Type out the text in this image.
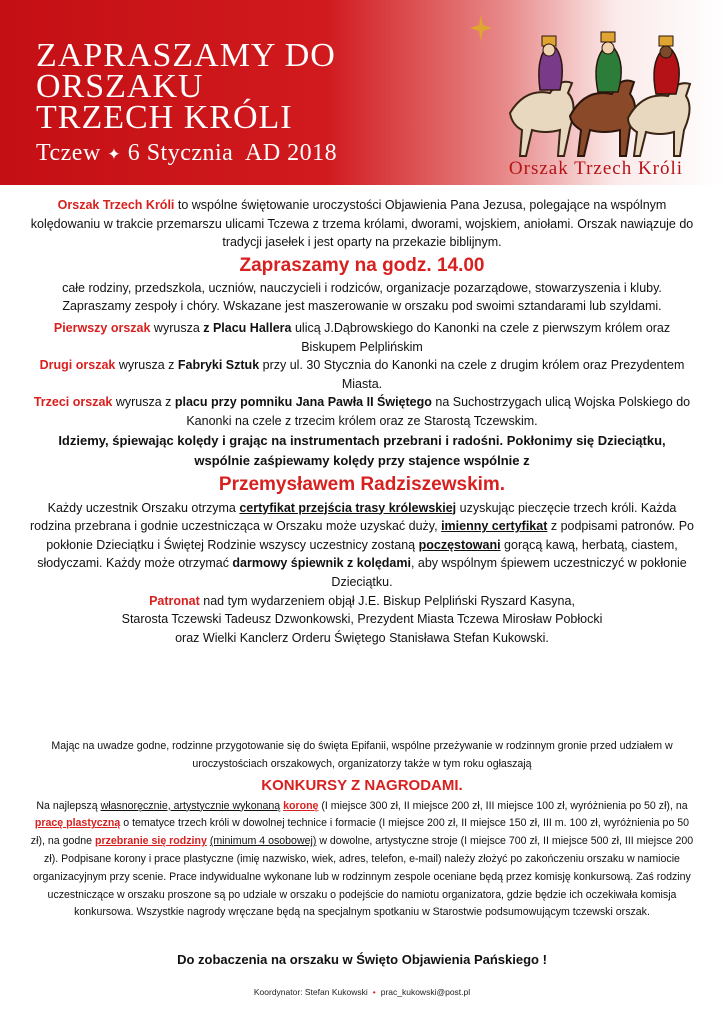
ZAPRASZAMY DO
ORSZAKU
TRZECH KRÓLI
Tczew ✦ 6 Stycznia AD 2018
Orszak Trzech Króli

Orszak Trzech Króli to wspólne świętowanie uroczystości Objawienia Pana Jezusa, polegające na wspólnym kolędowaniu w trakcie przemarszu ulicami Tczewa z trzema królami, dworami, wojskiem, aniołami. Orszak nawiązuje do tradycji jasełek i jest oparty na przekazie biblijnym.

Zapraszamy na godz. 14.00

całe rodziny, przedszkola, uczniów, nauczycieli i rodziców, organizacje pozarządowe, stowarzyszenia i kluby. Zapraszamy zespoły i chóry. Wskazane jest maszerowanie w orszaku pod swoimi sztandarami lub szyldami.

Pierwszy orszak wyrusza z Placu Hallera ulicą J.Dąbrowskiego do Kanonki na czele z pierwszym królem oraz Biskupem Pelplińskim

Drugi orszak wyrusza z Fabryki Sztuk przy ul. 30 Stycznia do Kanonki na czele z drugim królem oraz Prezydentem Miasta.

Trzeci orszak wyrusza z placu przy pomniku Jana Pawła II Świętego na Suchostrzygach ulicą Wojska Polskiego do Kanonki na czele z trzecim królem oraz ze Starostą Tczewskim.

Idziemy, śpiewając kolędy i grając na instrumentach przebrani i radośni. Pokłonimy się Dzieciątku, wspólnie zaśpiewamy kolędy przy stajence wspólnie z

Przemysławem Radziszewskim.

Każdy uczestnik Orszaku otrzyma certyfikat przejścia trasy królewskiej uzyskując pieczęcie trzech króli. Każda rodzina przebrana i godnie uczestnicząca w Orszaku może uzyskać duży, imienny certyfikat z podpisami patronów. Po pokłonie Dzieciątku i Świętej Rodzinie wszyscy uczestnicy zostaną poczęstowani gorącą kawą, herbatą, ciastem, słodyczami. Każdy może otrzymać darmowy śpiewnik z kolędami, aby wspólnym śpiewem uczestniczyć w pokłonie Dzieciątku.

Patronat nad tym wydarzeniem objął J.E. Biskup Pelpliński Ryszard Kasyna,
Starosta Tczewski Tadeusz Dzwonkowski, Prezydent Miasta Tczewa Mirosław Pobłocki
oraz Wielki Kanclerz Orderu Świętego Stanisława Stefan Kukowski.

Mając na uwadze godne, rodzinne przygotowanie się do święta Epifanii, wspólne przeżywanie w rodzinnym gronie przed udziałem w uroczystościach orszakowych, organizatorzy także w tym roku ogłaszają

KONKURSY Z NAGRODAMI.

Na najlepszą własnoręcznie, artystycznie wykonaną koronę (I miejsce 300 zł, II miejsce 200 zł, III miejsce 100 zł, wyróżnienia po 50 zł), na pracę plastyczną o tematyce trzech króli w dowolnej technice i formacie (I miejsce 200 zł, II miejsce 150 zł, III m. 100 zł, wyróżnienia po 50 zł), na godne przebranie się rodziny (minimum 4 osobowej) w dowolne, artystyczne stroje (I miejsce 700 zł, II miejsce 500 zł, III miejsce 200 zł). Podpisane korony i prace plastyczne (imię nazwisko, wiek, adres, telefon, e-mail) należy złożyć po zakończeniu orszaku w namiocie organizacyjnym przy scenie. Prace indywidualne wykonane lub w rodzinnym zespole oceniane będą przez komisję konkursową. Zaś rodziny uczestniczące w orszaku proszone są po udziale w orszaku o podejście do namiotu organizatora, gdzie będzie ich oczekiwała komisja konkursowa. Wszystkie nagrody wręczane będą na specjalnym spotkaniu w Starostwie podsumowującym tczewski orszak.

Do zobaczenia na orszaku w Święto Objawienia Pańskiego !
Koordynator: Stefan Kukowski • prac_kukowski@post.pl
